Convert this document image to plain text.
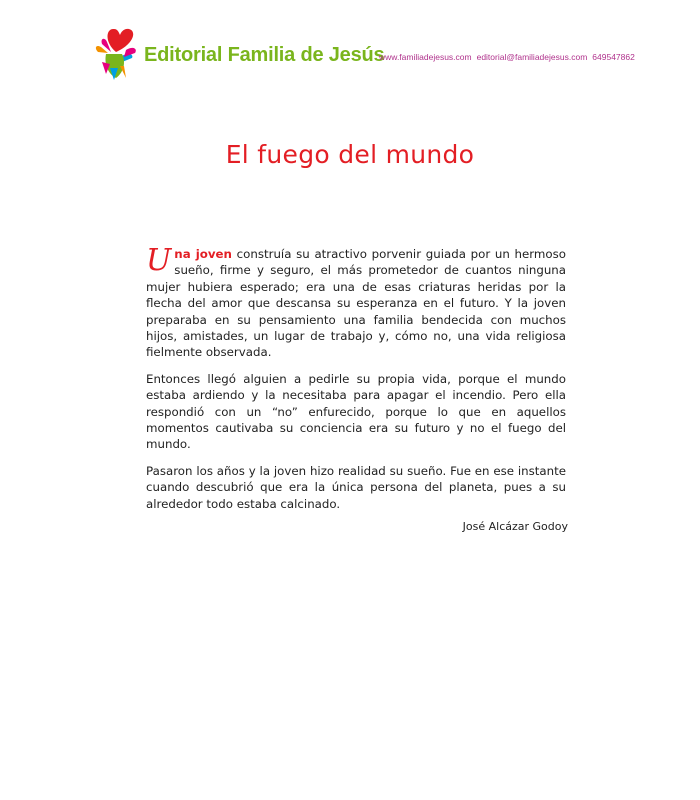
Editorial Familia de Jesús
www.familiadejesus.com editorial@familiadejesus.com 649547862
El fuego del mundo

Una joven construía su atractivo porvenir guiada por un hermoso sueño, firme y seguro, el más prometedor de cuantos ninguna mujer hubiera esperado; era una de esas criaturas heridas por la flecha del amor que descansa su esperanza en el futuro. Y la joven preparaba en su pensamiento una familia bendecida con muchos hijos, amistades, un lugar de trabajo y, cómo no, una vida religiosa fielmente observada.

Entonces llegó alguien a pedirle su propia vida, porque el mundo estaba ardiendo y la necesitaba para apagar el incendio. Pero ella respondió con un “no” enfurecido, porque lo que en aquellos momentos cautivaba su conciencia era su futuro y no el fuego del mundo.

Pasaron los años y la joven hizo realidad su sueño. Fue en ese instante cuando descubrió que era la única persona del planeta, pues a su alrededor todo estaba calcinado.

José Alcázar Godoy
